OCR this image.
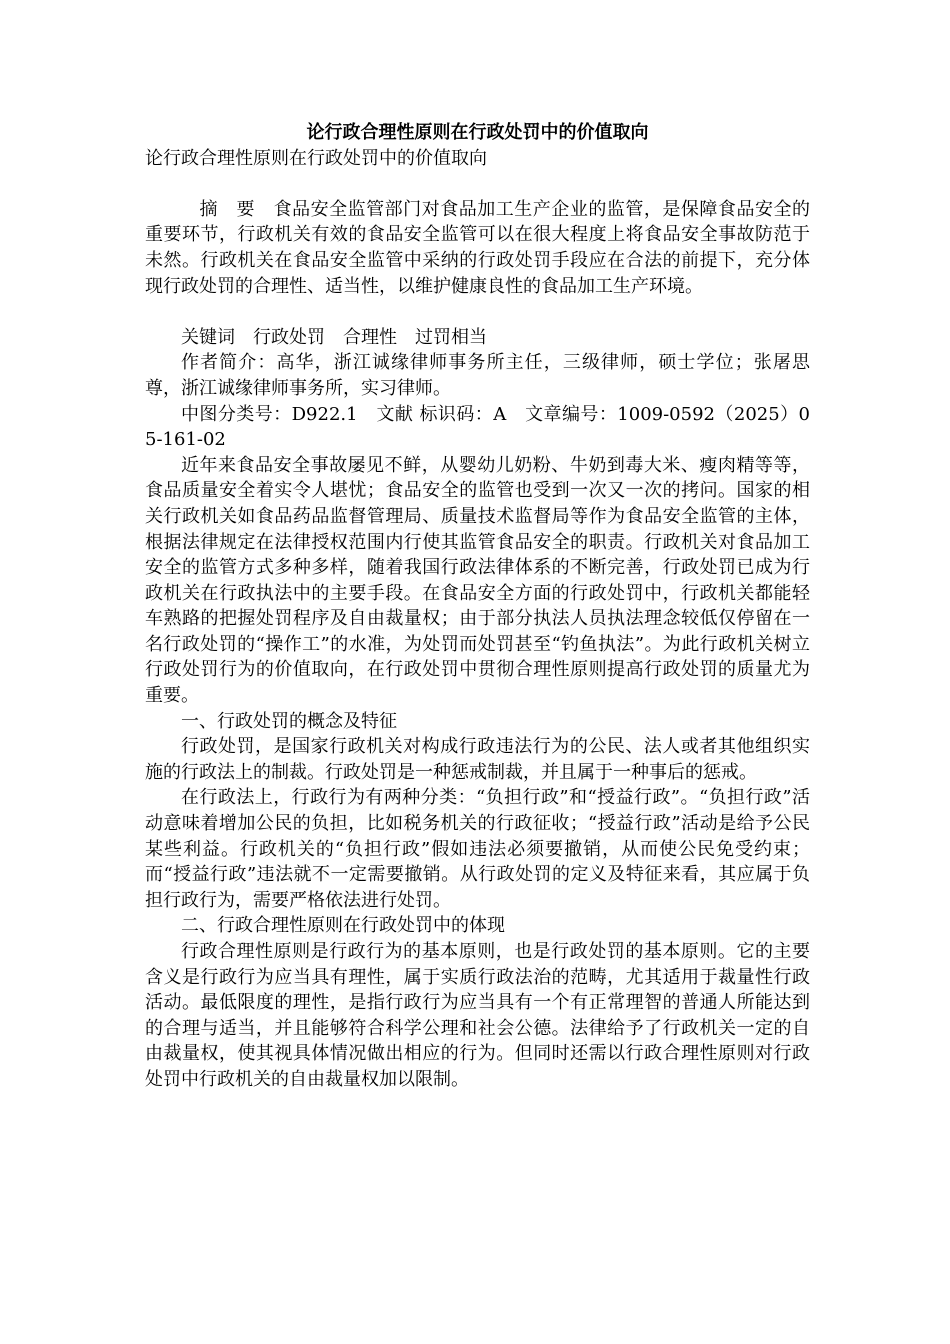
论行政合理性原则在行政处罚中的价值取向

论行政合理性原则在行政处罚中的价值取向

　摘　要　食品安全监管部门对食品加工生产企业的监管，是保障食品安全的重要环节，行政机关有效的食品安全监管可以在很大程度上将食品安全事故防范于未然。行政机关在食品安全监管中采纳的行政处罚手段应在合法的前提下，充分体现行政处罚的合理性、适当性，以维护健康良性的食品加工生产环境。

关键词　行政处罚　合理性　过罚相当

作者简介：高华，浙江诚缘律师事务所主任，三级律师，硕士学位；张屠思尊，浙江诚缘律师事务所，实习律师。

中图分类号：D922.1　文献 标识码：A　文章编号：1009-0592（2025）05-161-02

近年来食品安全事故屡见不鲜，从婴幼儿奶粉、牛奶到毒大米、瘦肉精等等，食品质量安全着实令人堪忧；食品安全的监管也受到一次又一次的拷问。国家的相关行政机关如食品药品监督管理局、质量技术监督局等作为食品安全监管的主体，根据法律规定在法律授权范围内行使其监管食品安全的职责。行政机关对食品加工安全的监管方式多种多样，随着我国行政法律体系的不断完善，行政处罚已成为行政机关在行政执法中的主要手段。在食品安全方面的行政处罚中，行政机关都能轻车熟路的把握处罚程序及自由裁量权；由于部分执法人员执法理念较低仅停留在一名行政处罚的“操作工”的水准，为处罚而处罚甚至“钓鱼执法”。为此行政机关树立行政处罚行为的价值取向，在行政处罚中贯彻合理性原则提高行政处罚的质量尤为重要。

一、行政处罚的概念及特征

行政处罚，是国家行政机关对构成行政违法行为的公民、法人或者其他组织实施的行政法上的制裁。行政处罚是一种惩戒制裁，并且属于一种事后的惩戒。

在行政法上，行政行为有两种分类：“负担行政”和“授益行政”。“负担行政”活动意味着增加公民的负担，比如税务机关的行政征收；“授益行政”活动是给予公民某些利益。行政机关的“负担行政”假如违法必须要撤销，从而使公民免受约束；而“授益行政”违法就不一定需要撤销。从行政处罚的定义及特征来看，其应属于负担行政行为，需要严格依法进行处罚。

二、行政合理性原则在行政处罚中的体现

行政合理性原则是行政行为的基本原则，也是行政处罚的基本原则。它的主要含义是行政行为应当具有理性，属于实质行政法治的范畴，尤其适用于裁量性行政活动。最低限度的理性，是指行政行为应当具有一个有正常理智的普通人所能达到的合理与适当，并且能够符合科学公理和社会公德。法律给予了行政机关一定的自由裁量权，使其视具体情况做出相应的行为。但同时还需以行政合理性原则对行政处罚中行政机关的自由裁量权加以限制。
